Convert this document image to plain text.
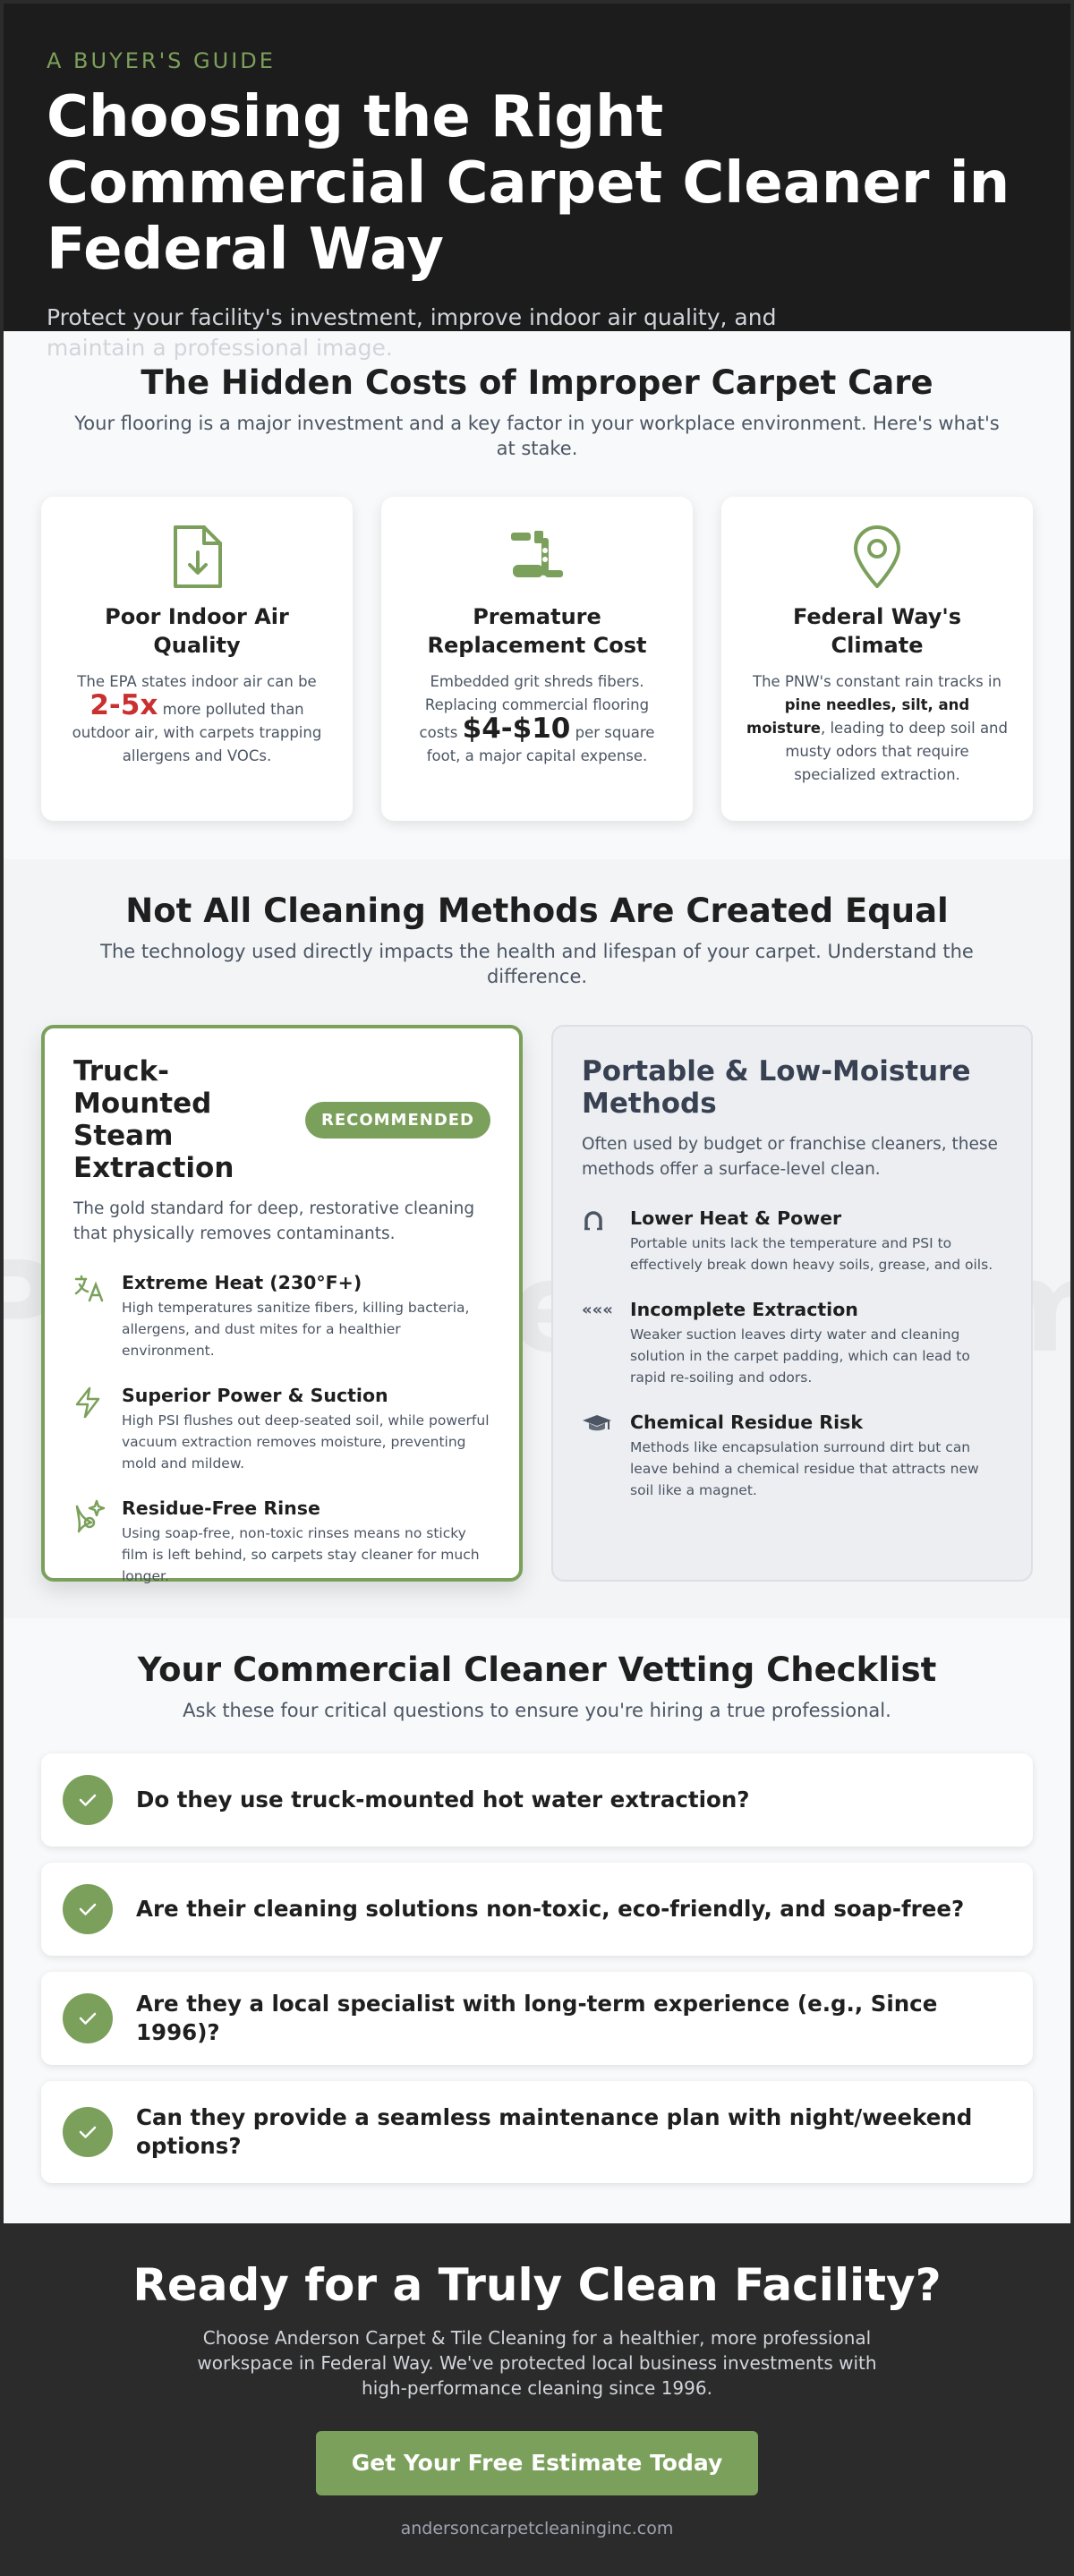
A BUYER'S GUIDE
Choosing the Right Commercial Carpet Cleaner in Federal Way

Protect your facility's investment, improve indoor air quality, and maintain a professional image.

The Hidden Costs of Improper Carpet Care

Your flooring is a major investment and a key factor in your workplace environment. Here's what's at stake.

Poor Indoor Air Quality
The EPA states indoor air can be 2-5x more polluted than outdoor air, with carpets trapping allergens and VOCs.
Premature Replacement Cost
Embedded grit shreds fibers. Replacing commercial flooring costs $4-$10 per square foot, a major capital expense.
Federal Way's Climate
The PNW's constant rain tracks in pine needles, silt, and moisture, leading to deep soil and musty odors that require specialized extraction.
Not All Cleaning Methods Are Created Equal

The technology used directly impacts the health and lifespan of your carpet. Understand the difference.

Truck-Mounted Steam Extraction
RECOMMENDED

The gold standard for deep, restorative cleaning that physically removes contaminants.

Extreme Heat (230°F+)

High temperatures sanitize fibers, killing bacteria, allergens, and dust mites for a healthier environment.

Superior Power & Suction

High PSI flushes out deep-seated soil, while powerful vacuum extraction removes moisture, preventing mold and mildew.

Residue-Free Rinse

Using soap-free, non-toxic rinses means no sticky film is left behind, so carpets stay cleaner for much longer.

Portable & Low-Moisture Methods

Often used by budget or franchise cleaners, these methods offer a surface-level clean.

Lower Heat & Power

Portable units lack the temperature and PSI to effectively break down heavy soils, grease, and oils.

««« Incomplete Extraction

Weaker suction leaves dirty water and cleaning solution in the carpet padding, which can lead to rapid re-soiling and odors.

Chemical Residue Risk

Methods like encapsulation surround dirt but can leave behind a chemical residue that attracts new soil like a magnet.

Your Commercial Cleaner Vetting Checklist

Ask these four critical questions to ensure you're hiring a true professional.

Do they use truck-mounted hot water extraction?
Are their cleaning solutions non-toxic, eco-friendly, and soap-free?
Are they a local specialist with long-term experience (e.g., Since 1996)?
Can they provide a seamless maintenance plan with night/weekend options?
Ready for a Truly Clean Facility?

Choose Anderson Carpet & Tile Cleaning for a healthier, more professional workspace in Federal Way. We've protected local business investments with high-performance cleaning since 1996.

Get Your Free Estimate Today
andersoncarpetcleaninginc.com
